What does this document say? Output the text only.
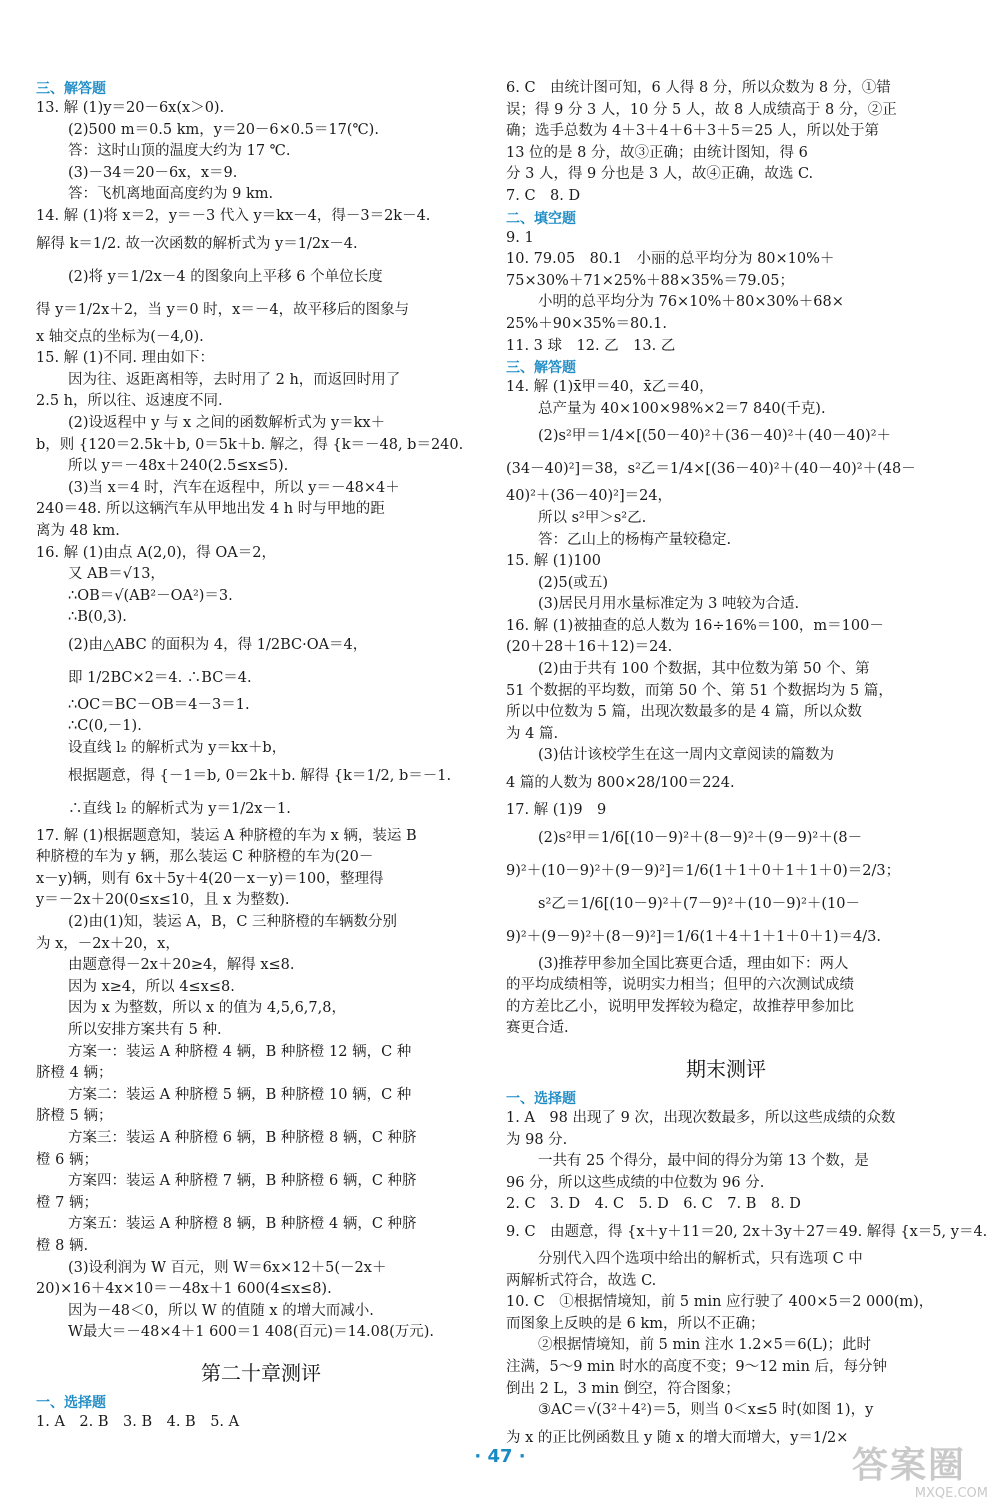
三、解答题
13. 解 (1)y＝20－6x(x＞0).
(2)500 m＝0.5 km，y＝20－6×0.5＝17(℃).
答：这时山顶的温度大约为 17 ℃.
(3)－34＝20－6x，x＝9.
答：飞机离地面高度约为 9 km.
14. 解 (1)将 x＝2，y＝－3 代入 y＝kx－4，得－3＝2k－4.
解得 k＝1/2. 故一次函数的解析式为 y＝1/2x－4.
(2)将 y＝1/2x－4 的图象向上平移 6 个单位长度
得 y＝1/2x＋2，当 y＝0 时，x＝－4，故平移后的图象与
x 轴交点的坐标为(－4,0).
15. 解 (1)不同. 理由如下：
因为往、返距离相等，去时用了 2 h，而返回时用了
2.5 h，所以往、返速度不同.
(2)设返程中 y 与 x 之间的函数解析式为 y＝kx＋
b，则 {120＝2.5k＋b, 0＝5k＋b. 解之，得 {k＝－48, b＝240.
所以 y＝－48x＋240(2.5≤x≤5).
(3)当 x＝4 时，汽车在返程中，所以 y＝－48×4＋
240＝48. 所以这辆汽车从甲地出发 4 h 时与甲地的距
离为 48 km.
16. 解 (1)由点 A(2,0)，得 OA＝2，
又 AB＝√13，
∴OB＝√(AB²－OA²)＝3.
∴B(0,3).
(2)由△ABC 的面积为 4，得 1/2BC·OA＝4，
即 1/2BC×2＝4. ∴BC＝4.
∴OC＝BC－OB＝4－3＝1.
∴C(0,－1).
设直线 l₂ 的解析式为 y＝kx＋b，
根据题意，得 {－1＝b, 0＝2k＋b. 解得 {k＝1/2, b＝－1.
∴直线 l₂ 的解析式为 y＝1/2x－1.
17. 解 (1)根据题意知，装运 A 种脐橙的车为 x 辆，装运 B
种脐橙的车为 y 辆，那么装运 C 种脐橙的车为(20－
x－y)辆，则有 6x＋5y＋4(20－x－y)＝100，整理得
y＝－2x＋20(0≤x≤10，且 x 为整数).
(2)由(1)知，装运 A，B，C 三种脐橙的车辆数分别
为 x，－2x＋20，x，
由题意得－2x＋20≥4，解得 x≤8.
因为 x≥4，所以 4≤x≤8.
因为 x 为整数，所以 x 的值为 4,5,6,7,8，
所以安排方案共有 5 种.
方案一：装运 A 种脐橙 4 辆，B 种脐橙 12 辆，C 种
脐橙 4 辆；
方案二：装运 A 种脐橙 5 辆，B 种脐橙 10 辆，C 种
脐橙 5 辆；
方案三：装运 A 种脐橙 6 辆，B 种脐橙 8 辆，C 种脐
橙 6 辆；
方案四：装运 A 种脐橙 7 辆，B 种脐橙 6 辆，C 种脐
橙 7 辆；
方案五：装运 A 种脐橙 8 辆，B 种脐橙 4 辆，C 种脐
橙 8 辆.
(3)设利润为 W 百元，则 W＝6x×12＋5(－2x＋
20)×16＋4x×10＝－48x＋1 600(4≤x≤8).
因为－48＜0，所以 W 的值随 x 的增大而减小.
W最大＝－48×4＋1 600＝1 408(百元)＝14.08(万元).
第二十章测评
一、选择题
1. A　2. B　3. B　4. B　5. A
6. C　由统计图可知，6 人得 8 分，所以众数为 8 分，①错
误；得 9 分 3 人，10 分 5 人，故 8 人成绩高于 8 分，②正
确；选手总数为 4＋3＋4＋6＋3＋5＝25 人，所以处于第
13 位的是 8 分，故③正确；由统计图知，得 6
分 3 人，得 9 分也是 3 人，故④正确，故选 C.
7. C　8. D
二、填空题
9. 1
10. 79.05　80.1　小丽的总平均分为 80×10%＋
75×30%＋71×25%＋88×35%＝79.05；
小明的总平均分为 76×10%＋80×30%＋68×
25%＋90×35%＝80.1.
11. 3 球　12. 乙　13. 乙
三、解答题
14. 解 (1)x̄甲＝40，x̄乙＝40，
总产量为 40×100×98%×2＝7 840(千克).
(2)s²甲＝1/4×[(50－40)²＋(36－40)²＋(40－40)²＋
(34－40)²]＝38，s²乙＝1/4×[(36－40)²＋(40－40)²＋(48－
40)²＋(36－40)²]＝24，
所以 s²甲＞s²乙.
答：乙山上的杨梅产量较稳定.
15. 解 (1)100
(2)5(或五)
(3)居民月用水量标准定为 3 吨较为合适.
16. 解 (1)被抽查的总人数为 16÷16%＝100，m＝100－
(20＋28＋16＋12)＝24.
(2)由于共有 100 个数据，其中位数为第 50 个、第
51 个数据的平均数，而第 50 个、第 51 个数据均为 5 篇，
所以中位数为 5 篇，出现次数最多的是 4 篇，所以众数
为 4 篇.
(3)估计该校学生在这一周内文章阅读的篇数为
4 篇的人数为 800×28/100＝224.
17. 解 (1)9　9
(2)s²甲＝1/6[(10－9)²＋(8－9)²＋(9－9)²＋(8－
9)²＋(10－9)²＋(9－9)²]＝1/6(1＋1＋0＋1＋1＋0)＝2/3；
s²乙＝1/6[(10－9)²＋(7－9)²＋(10－9)²＋(10－
9)²＋(9－9)²＋(8－9)²]＝1/6(1＋4＋1＋1＋0＋1)＝4/3.
(3)推荐甲参加全国比赛更合适，理由如下：两人
的平均成绩相等，说明实力相当；但甲的六次测试成绩
的方差比乙小，说明甲发挥较为稳定，故推荐甲参加比
赛更合适.
期末测评
一、选择题
1. A　98 出现了 9 次，出现次数最多，所以这些成绩的众数
为 98 分.
一共有 25 个得分，最中间的得分为第 13 个数，是
96 分，所以这些成绩的中位数为 96 分.
2. C　3. D　4. C　5. D　6. C　7. B　8. D
9. C　由题意，得 {x＋y＋11＝20, 2x＋3y＋27＝49. 解得 {x＝5, y＝4.
分别代入四个选项中给出的解析式，只有选项 C 中
两解析式符合，故选 C.
10. C　①根据情境知，前 5 min 应行驶了 400×5＝2 000(m)，
而图象上反映的是 6 km，所以不正确；
②根据情境知，前 5 min 注水 1.2×5＝6(L)；此时
注满，5～9 min 时水的高度不变；9～12 min 后，每分钟
倒出 2 L，3 min 倒空，符合图象；
③AC＝√(3²＋4²)＝5，则当 0＜x≤5 时(如图 1)，y
为 x 的正比例函数且 y 随 x 的增大而增大，y＝1/2×
· 47 ·	答案圈
MXQE.COM
